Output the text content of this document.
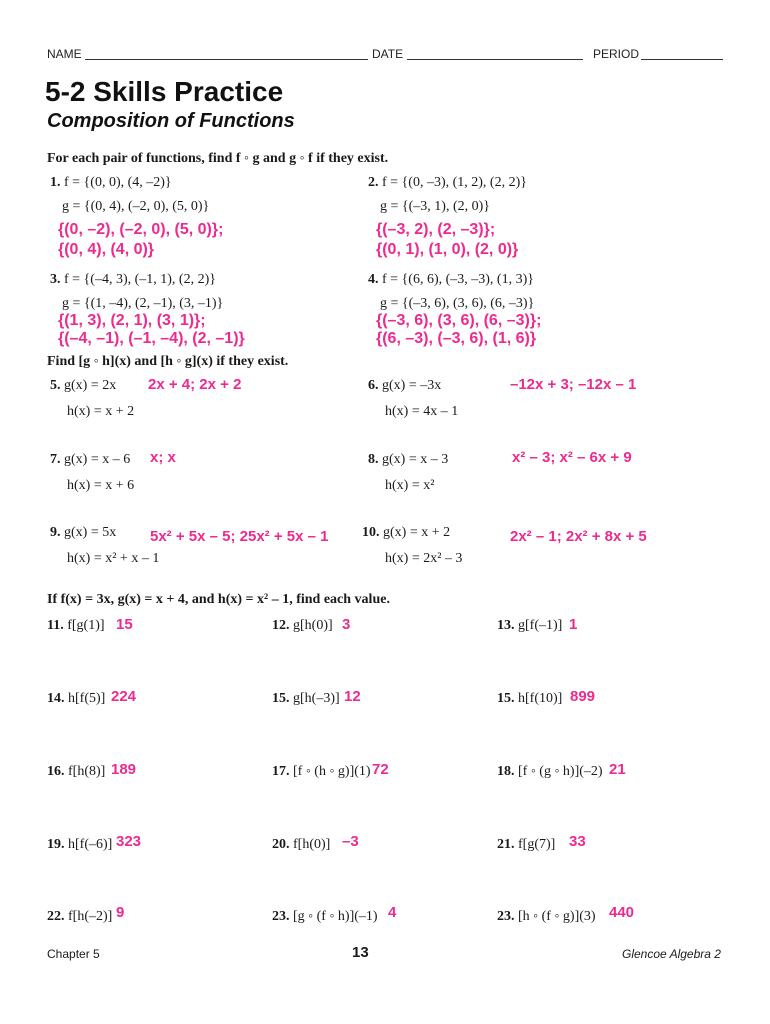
NAME	DATE	PERIOD
5-2 Skills Practice
Composition of Functions
For each pair of functions, find f ◦ g and g ◦ f if they exist.
1. f = {(0, 0), (4, –2)}
g = {(0, 4), (–2, 0), (5, 0)}
{(0, –2), (–2, 0), (5, 0)};
{(0, 4), (4, 0)}
2. f = {(0, –3), (1, 2), (2, 2)}
g = {(–3, 1), (2, 0)}
{(–3, 2), (2, –3)};
{(0, 1), (1, 0), (2, 0)}
3. f = {(–4, 3), (–1, 1), (2, 2)}
g = {(1, –4), (2, –1), (3, –1)}
{(1, 3), (2, 1), (3, 1)};
{(–4, –1), (–1, –4), (2, –1)}
4. f = {(6, 6), (–3, –3), (1, 3)}
g = {(–3, 6), (3, 6), (6, –3)}
{(–3, 6), (3, 6), (6, –3)};
{(6, –3), (–3, 6), (1, 6)}
Find [g ◦ h](x) and [h ◦ g](x) if they exist.
5. g(x) = 2x
h(x) = x + 2
2x + 4; 2x + 2	6. g(x) = –3x
h(x) = 4x – 1
–12x + 3; –12x – 1
7. g(x) = x – 6
h(x) = x + 6
x; x	8. g(x) = x – 3
h(x) = x²
x² – 3; x² – 6x + 9
9. g(x) = 5x
h(x) = x² + x – 1
5x² + 5x – 5; 25x² + 5x – 1 10. g(x) = x + 2
h(x) = 2x² – 3
2x² – 1; 2x² + 8x + 5
If f(x) = 3x, g(x) = x + 4, and h(x) = x² – 1, find each value.
11. f[g(1)] 15	12. g[h(0)] 3	13. g[f(–1)] 1
14. h[f(5)] 224	15. g[h(–3)] 12	15. h[f(10)] 899
16. f[h(8)] 189	17. [f ◦ (h ◦ g)](1) 72	18. [f ◦ (g ◦ h)](–2) 21
19. h[f(–6)] 323	20. f[h(0)] –3	21. f[g(7)] 33
22. f[h(–2)] 9	23. [g ◦ (f ◦ h)](–1) 4	23. [h ◦ (f ◦ g)](3) 440
Chapter 5	13	Glencoe Algebra 2
